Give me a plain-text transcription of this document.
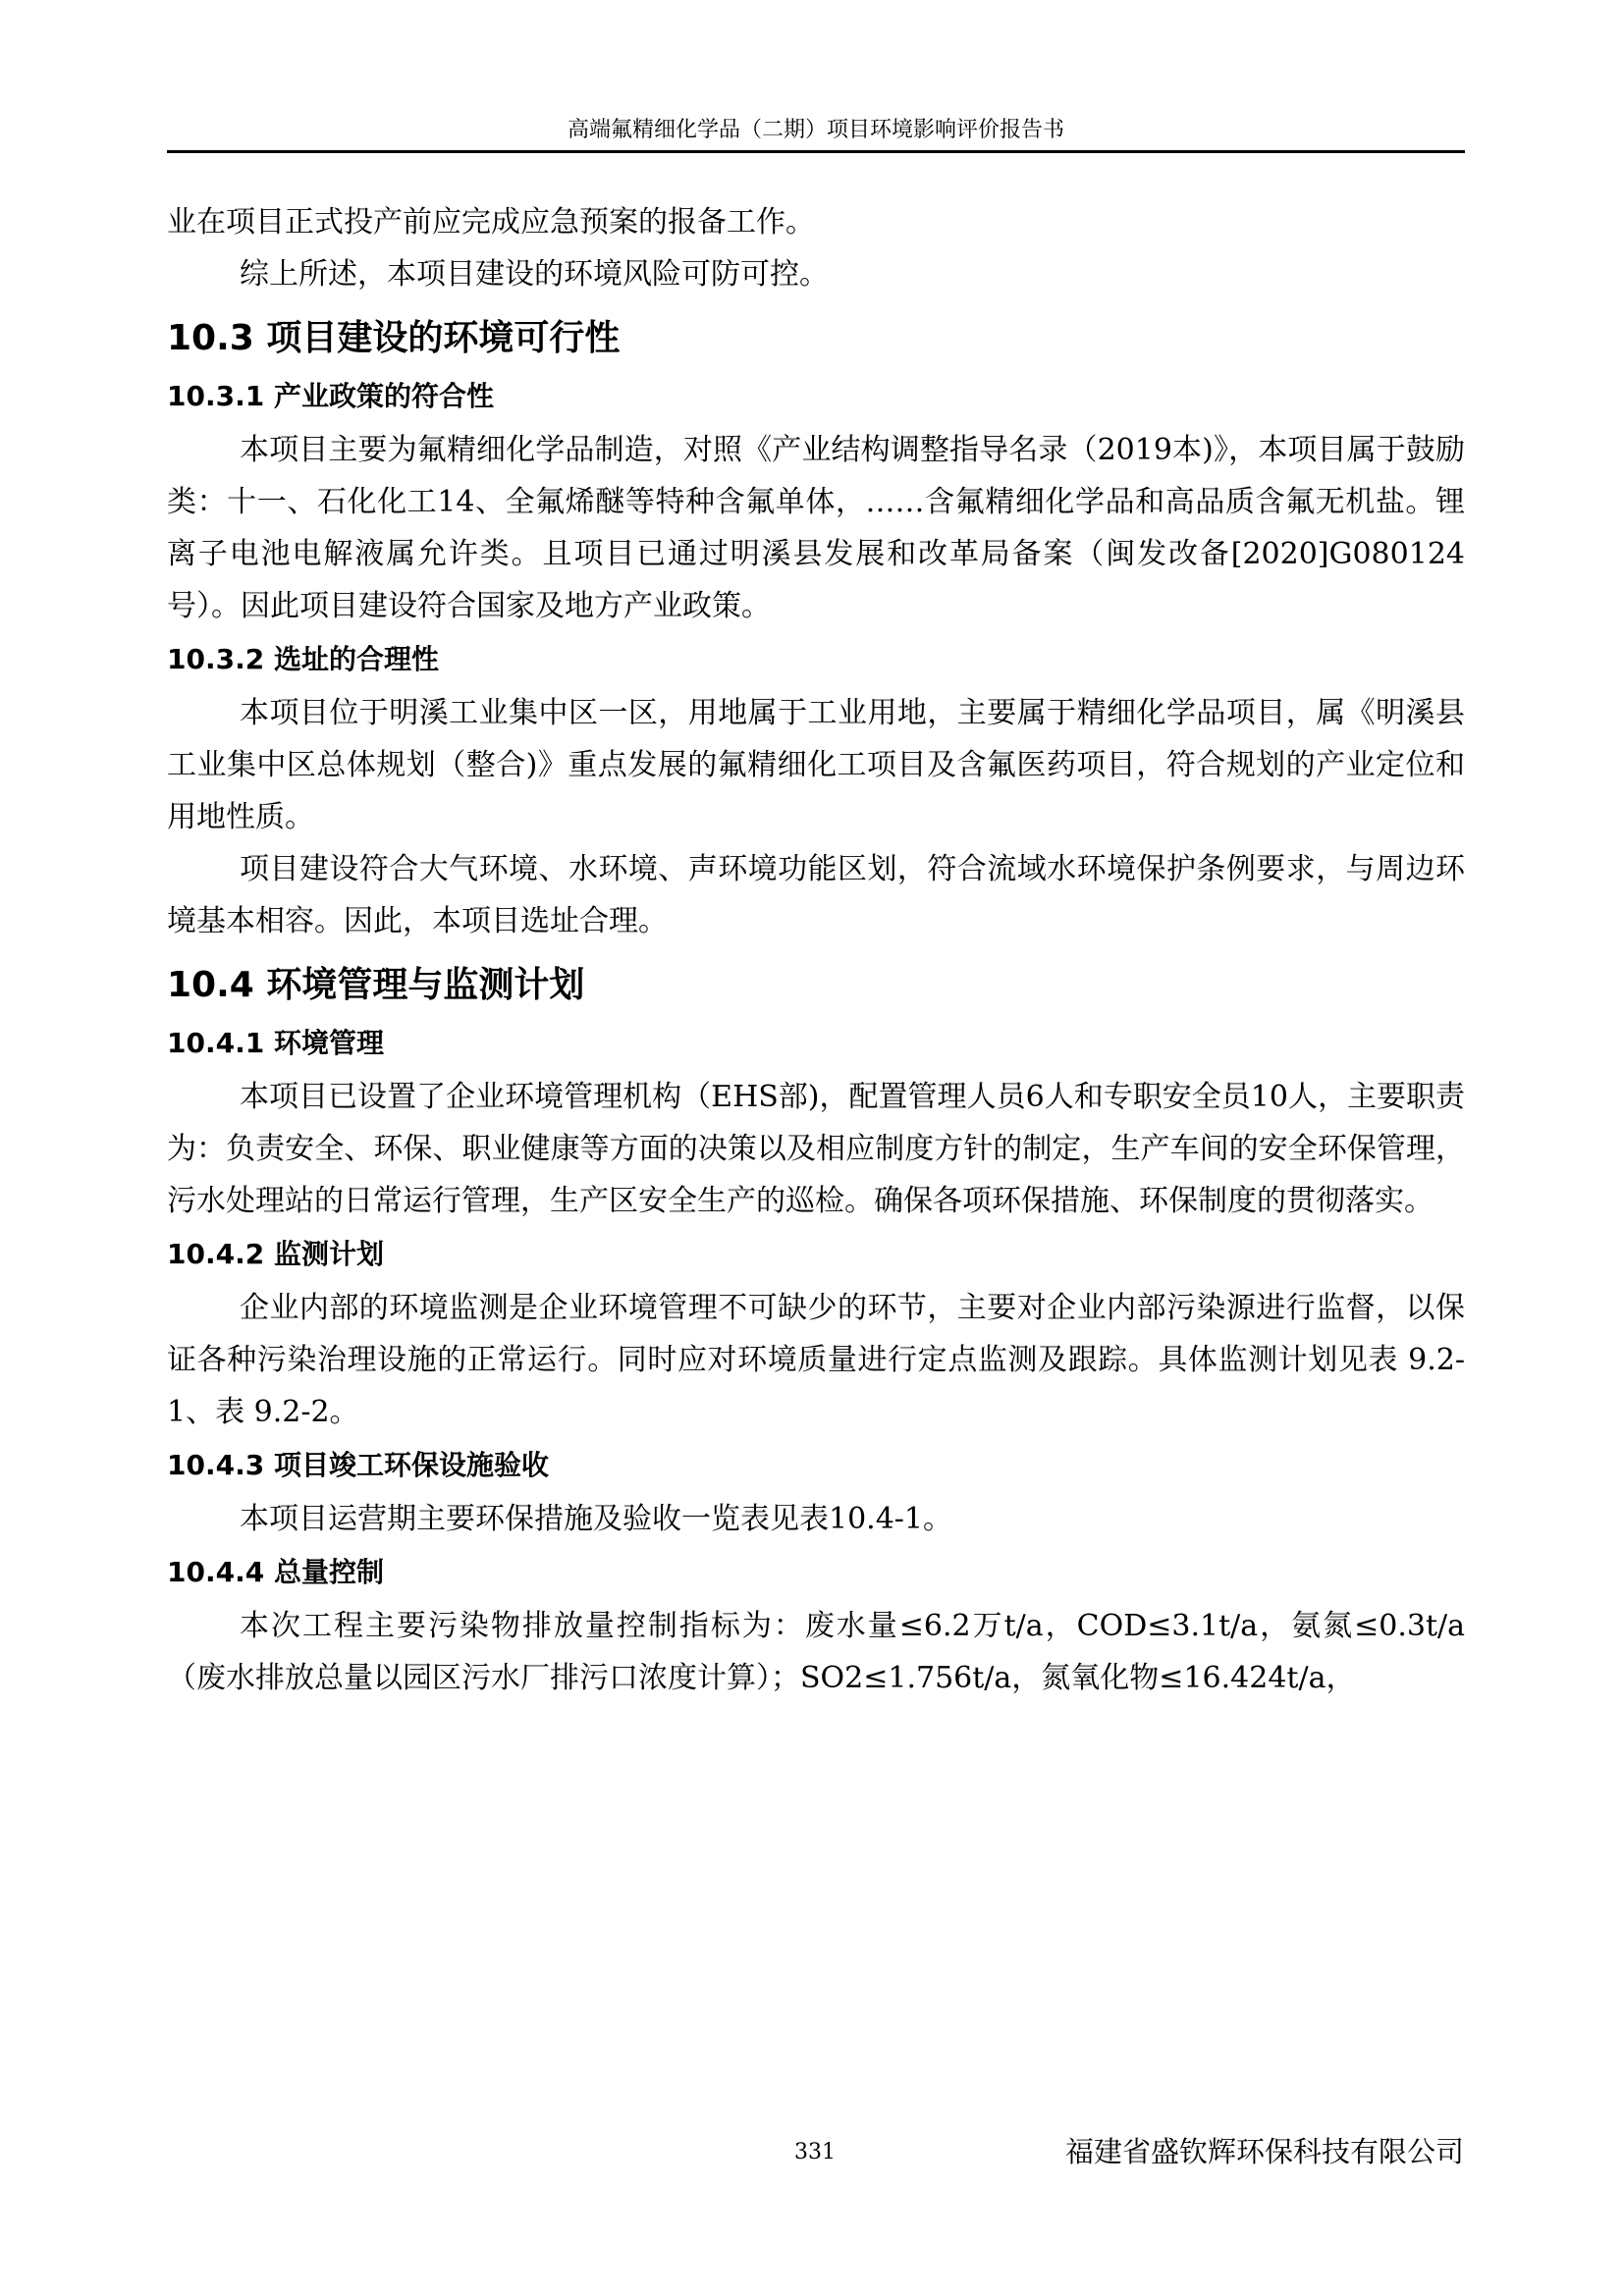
高端氟精细化学品（二期）项目环境影响评价报告书

业在项目正式投产前应完成应急预案的报备工作。

综上所述，本项目建设的环境风险可防可控。

10.3 项目建设的环境可行性
10.3.1 产业政策的符合性

本项目主要为氟精细化学品制造，对照《产业结构调整指导名录（2019本)》，本项目属于鼓励类：十一、石化化工14、全氟烯醚等特种含氟单体，……含氟精细化学品和高品质含氟无机盐。锂离子电池电解液属允许类。且项目已通过明溪县发展和改革局备案（闽发改备[2020]G080124号）。因此项目建设符合国家及地方产业政策。

10.3.2 选址的合理性

本项目位于明溪工业集中区一区，用地属于工业用地，主要属于精细化学品项目，属《明溪县工业集中区总体规划（整合)》重点发展的氟精细化工项目及含氟医药项目，符合规划的产业定位和用地性质。

项目建设符合大气环境、水环境、声环境功能区划，符合流域水环境保护条例要求，与周边环境基本相容。因此，本项目选址合理。

10.4 环境管理与监测计划
10.4.1 环境管理

本项目已设置了企业环境管理机构（EHS部)，配置管理人员6人和专职安全员10人，主要职责为：负责安全、环保、职业健康等方面的决策以及相应制度方针的制定，生产车间的安全环保管理，污水处理站的日常运行管理，生产区安全生产的巡检。确保各项环保措施、环保制度的贯彻落实。

10.4.2 监测计划

企业内部的环境监测是企业环境管理不可缺少的环节，主要对企业内部污染源进行监督，以保证各种污染治理设施的正常运行。同时应对环境质量进行定点监测及跟踪。具体监测计划见表 9.2-1、表 9.2-2。

10.4.3 项目竣工环保设施验收

本项目运营期主要环保措施及验收一览表见表10.4-1。

10.4.4 总量控制

本次工程主要污染物排放量控制指标为：废水量≤6.2万t/a，COD≤3.1t/a，氨氮≤0.3t/a（废水排放总量以园区污水厂排污口浓度计算）；SO2≤1.756t/a，氮氧化物≤16.424t/a，

331	福建省盛钦辉环保科技有限公司
